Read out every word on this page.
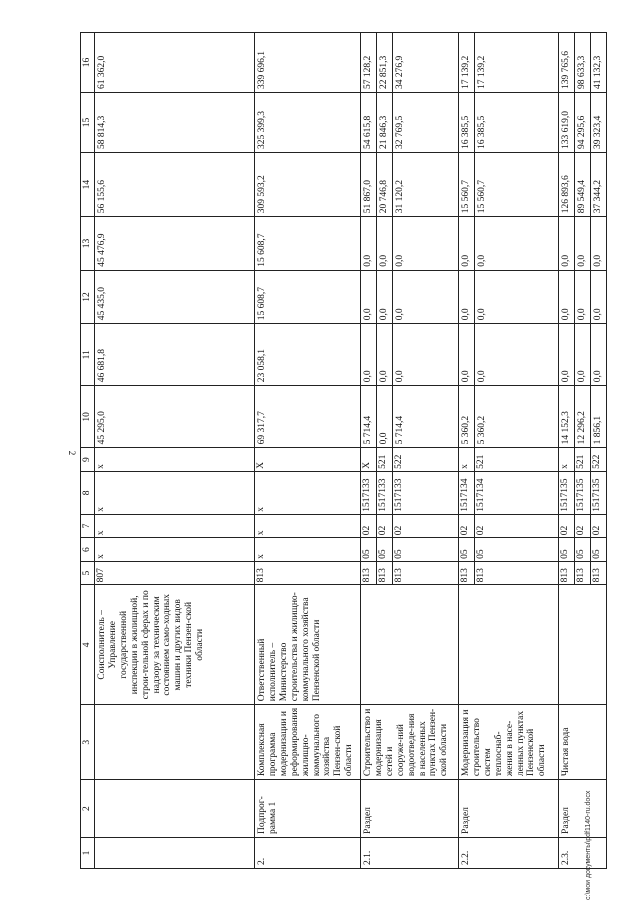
2
1	2	3	4	5	6	7	8	9	10	11	12	13	14	15	16
			Соисполнитель – Управление государственной инспекции в жилищной, строи-тельной сферах и по надзору за техническим состоянием само-ходных машин и других видов техники Пензен-ской области	807	х	х	х	х	45 295,0	46 681,8	45 435,0	45 476,9	56 155,6	58 814,3	61 362,0
2.	Подпрог-рамма 1	Комплексная программа модернизации и реформирования жилищно-коммунального хозяйства Пензен-ской области	Ответственный исполнитель – Министерство строительства и жилищно-коммунального хозяйства Пензенской области	813	х	х	х	Х	69 317,7	23 058,1	15 608,7	15 608,7	309 593,2	325 399,3	339 696,1
2.1.	Раздел	Строительство и модернизация сетей и сооруже-ний водоотведе-ния в населенных пунктах Пензен-ской области		813	05	02	1517133	Х	5 714,4	0,0	0,0	0,0	51 867,0	54 615,8	57 128,2
				813	05	02	1517133	521	0,0	0,0	0,0	0,0	20 746,8	21 846,3	22 851,3
				813	05	02	1517133	522	5 714,4	0,0	0,0	0,0	31 120,2	32 769,5	34 276,9
2.2.	Раздел	Модернизация и строительство систем теплоснаб-жения в насе-ленных пунктах Пензенской области		813	05	02	1517134	х	5 360,2	0,0	0,0	0,0	15 560,7	16 385,5	17 139,2
				813	05	02	1517134	521	5 360,2	0,0	0,0	0,0	15 560,7	16 385,5	17 139,2
2.3.	Раздел	Чистая вода		813	05	02	1517135	х	14 152,3	0,0	0,0	0,0	126 893,6	133 619,0	139 765,6
				813	05	02	1517135	521	12 296,2	0,0	0,0	0,0	89 549,4	94 295,6	98 633,3
				813	05	02	1517135	522	1 856,1	0,0	0,0	0,0	37 344,2	39 323,4	41 132,3
c:\мои документы\pdf1140-ru.docx
